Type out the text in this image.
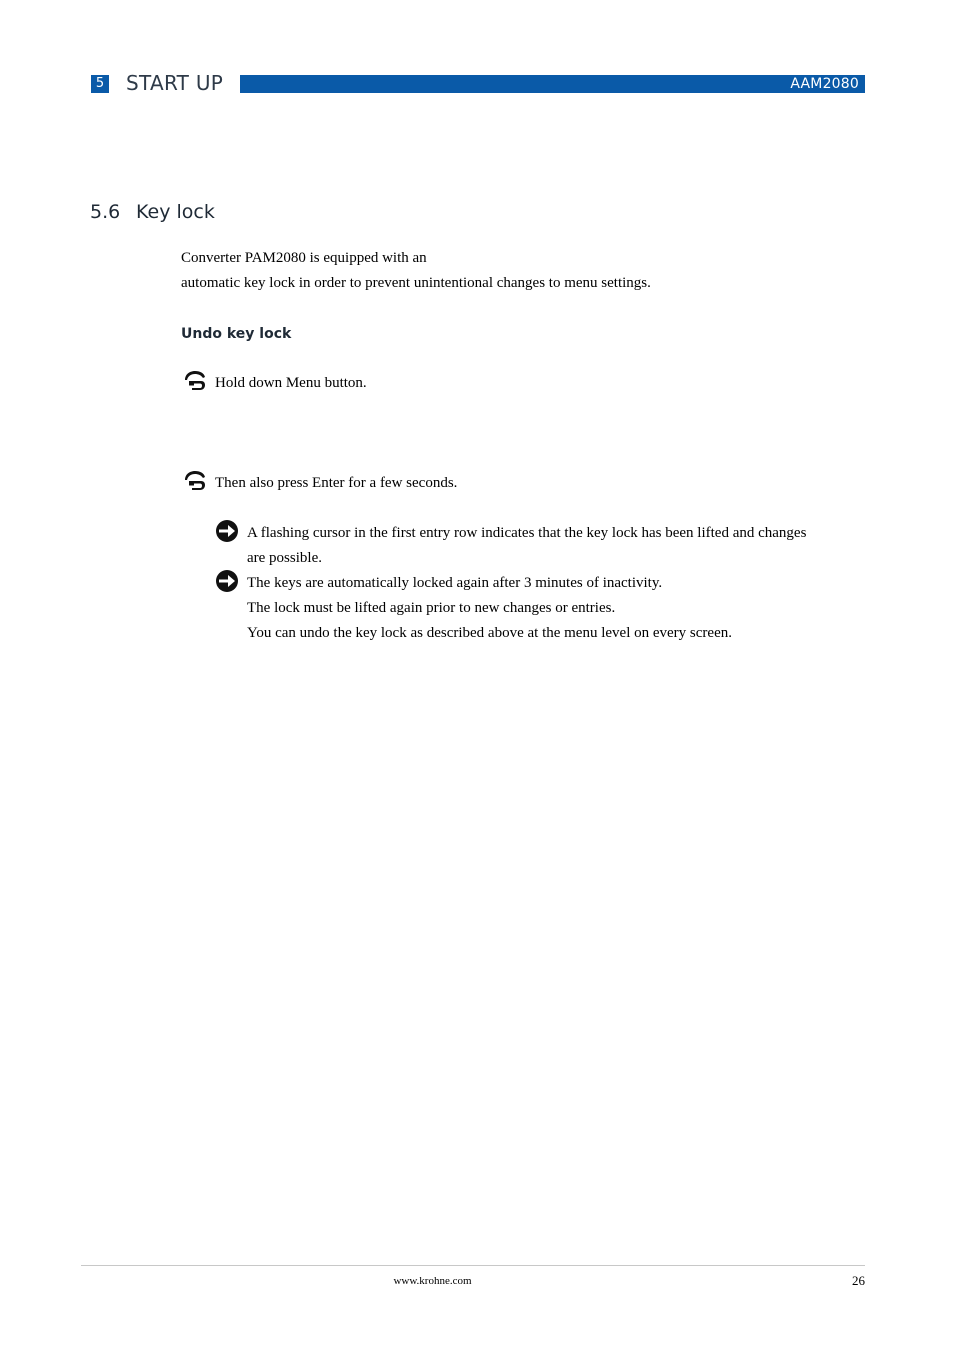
5 START UP	AAM2080
5.6 Key lock
Converter PAM2080 is equipped with an
automatic key lock in order to prevent unintentional changes to menu settings.
Undo key lock
Hold down Menu button.
Then also press Enter for a few seconds.
A flashing cursor in the first entry row indicates that the key lock has been lifted and changes
are possible.
The keys are automatically locked again after 3 minutes of inactivity.
The lock must be lifted again prior to new changes or entries.
You can undo the key lock as described above at the menu level on every screen.
www.krohne.com	26
